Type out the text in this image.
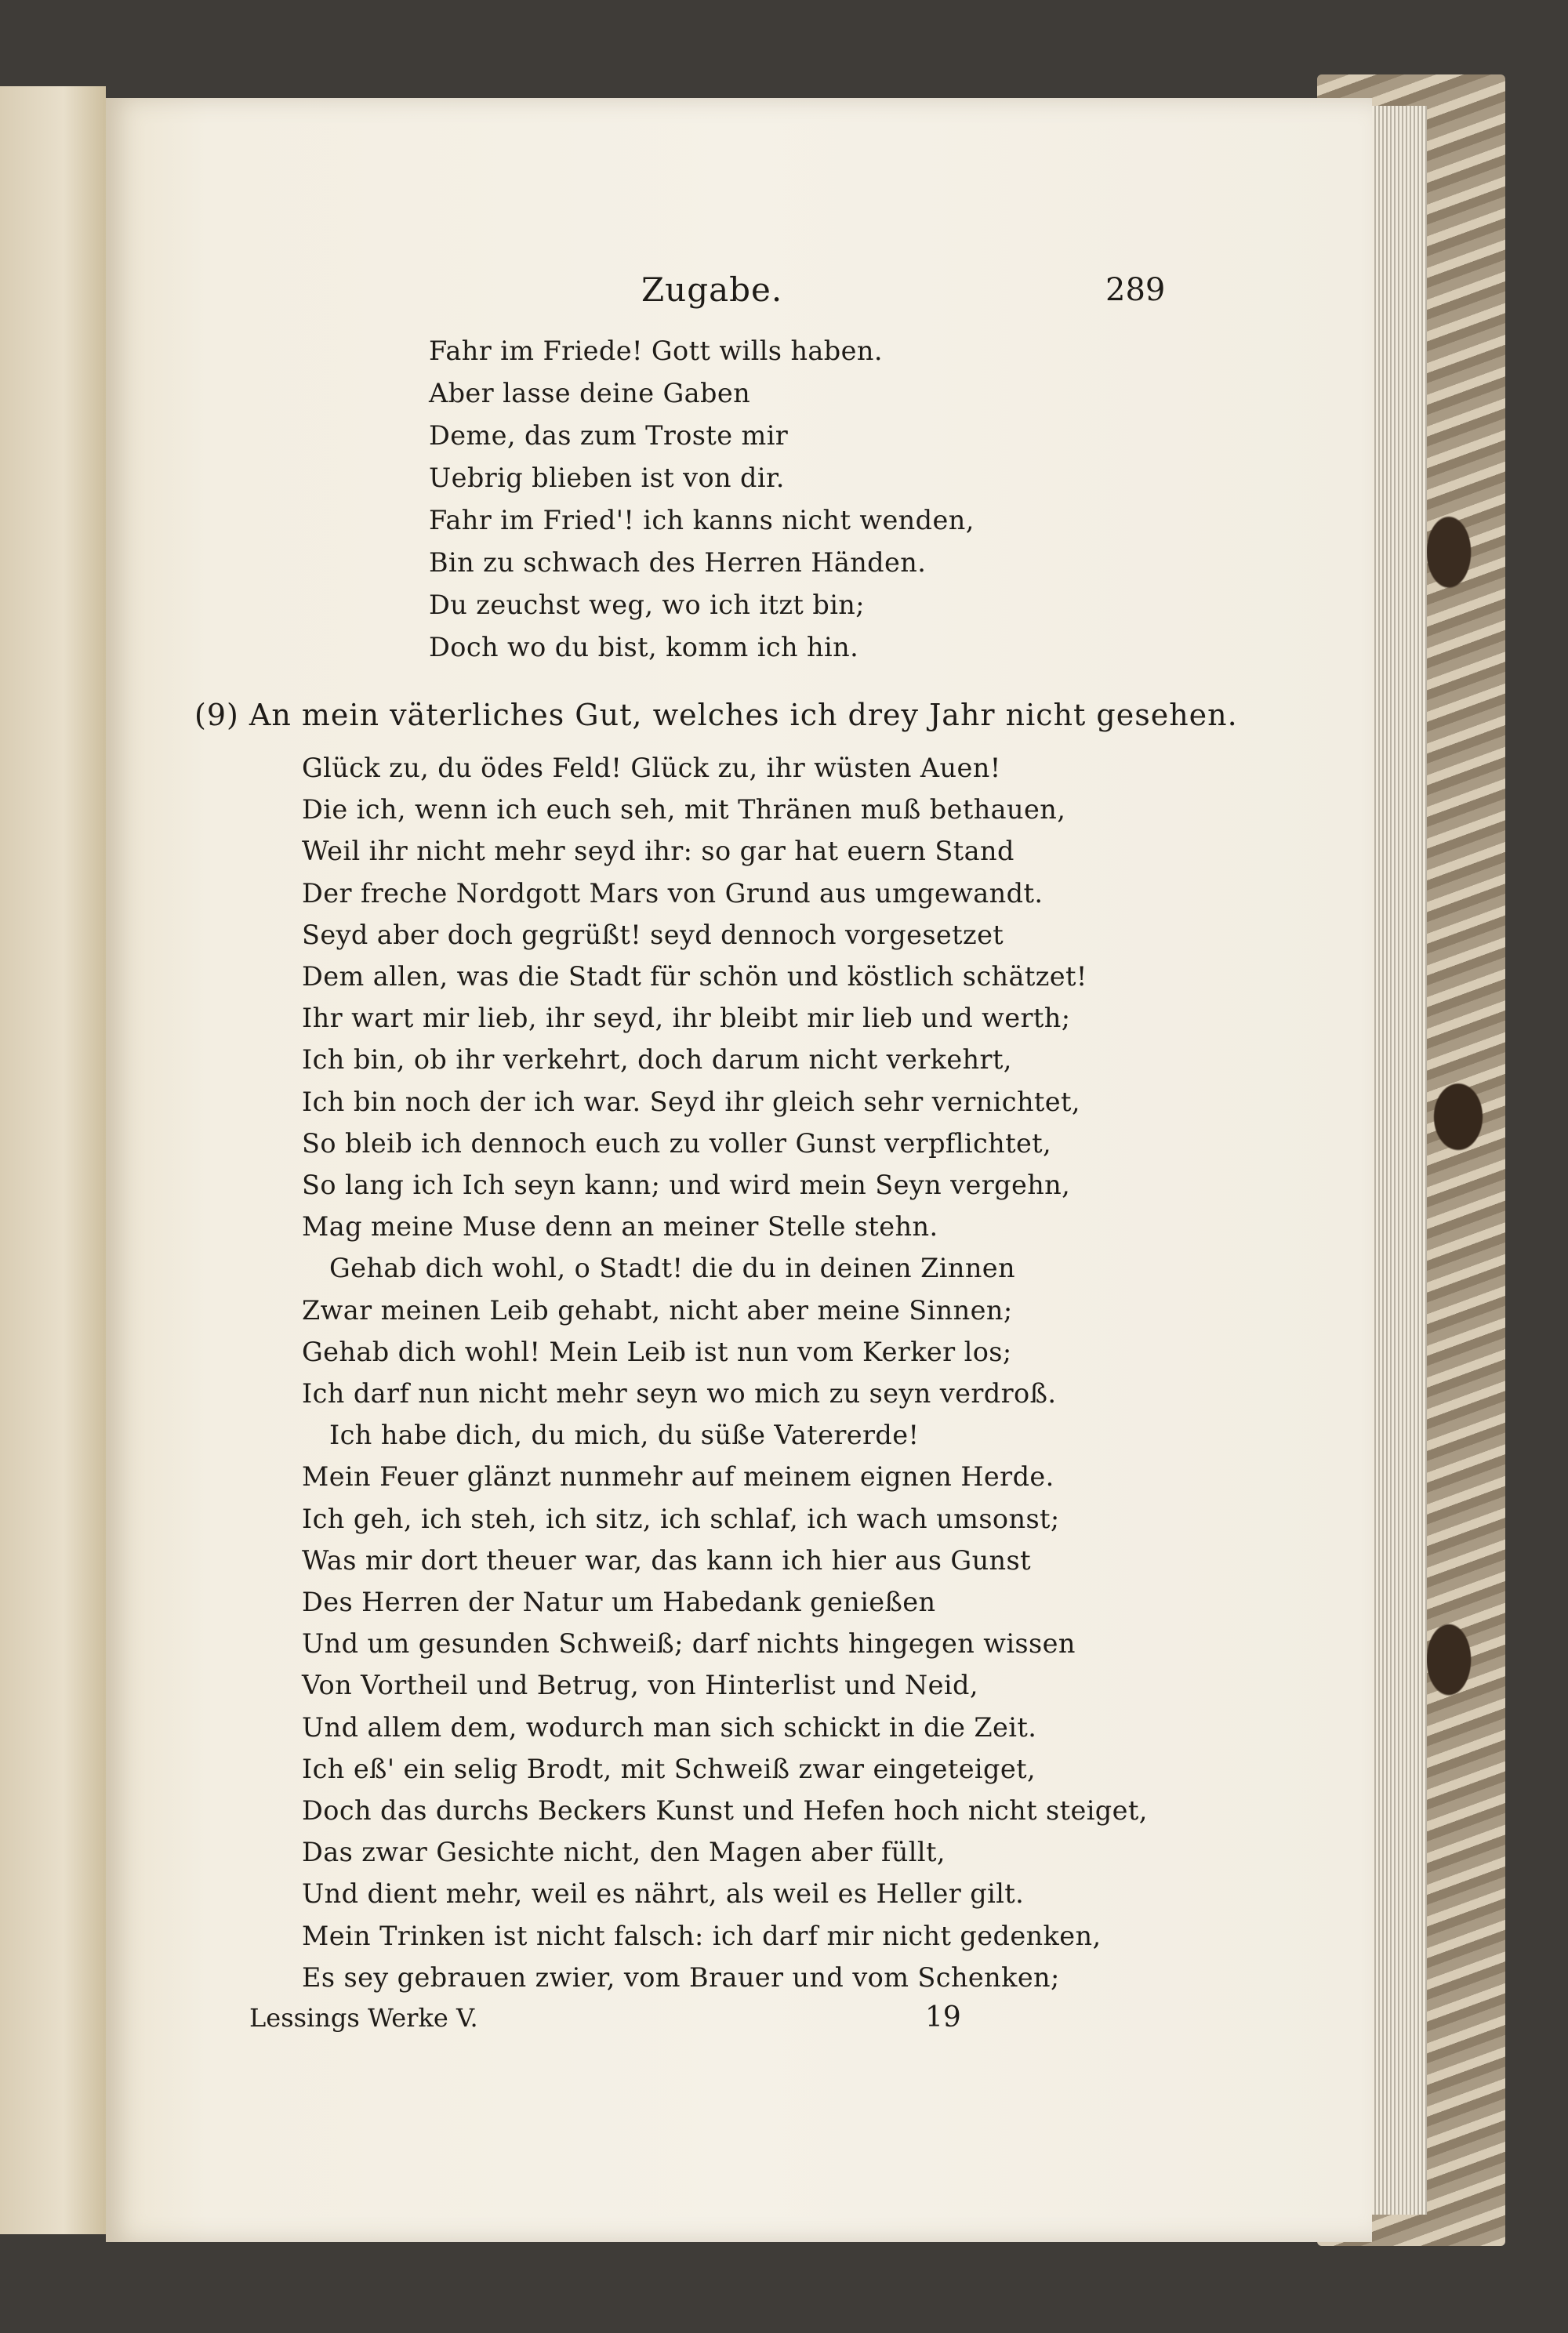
Zugabe.	289
Fahr im Friede! Gott wills haben.
Aber lasse deine Gaben
Deme, das zum Troste mir
Uebrig blieben ist von dir.
Fahr im Fried'! ich kanns nicht wenden,
Bin zu schwach des Herren Händen.
Du zeuchst weg, wo ich itzt bin;
Doch wo du bist, komm ich hin.
(9) An mein väterliches Gut, welches ich drey Jahr nicht gesehen.
Glück zu, du ödes Feld! Glück zu, ihr wüsten Auen!
Die ich, wenn ich euch seh, mit Thränen muß bethauen,
Weil ihr nicht mehr seyd ihr: so gar hat euern Stand
Der freche Nordgott Mars von Grund aus umgewandt.
Seyd aber doch gegrüßt! seyd dennoch vorgesetzet
Dem allen, was die Stadt für schön und köstlich schätzet!
Ihr wart mir lieb, ihr seyd, ihr bleibt mir lieb und werth;
Ich bin, ob ihr verkehrt, doch darum nicht verkehrt,
Ich bin noch der ich war. Seyd ihr gleich sehr vernichtet,
So bleib ich dennoch euch zu voller Gunst verpflichtet,
So lang ich Ich seyn kann; und wird mein Seyn vergehn,
Mag meine Muse denn an meiner Stelle stehn.
Gehab dich wohl, o Stadt! die du in deinen Zinnen
Zwar meinen Leib gehabt, nicht aber meine Sinnen;
Gehab dich wohl! Mein Leib ist nun vom Kerker los;
Ich darf nun nicht mehr seyn wo mich zu seyn verdroß.
Ich habe dich, du mich, du süße Vatererde!
Mein Feuer glänzt nunmehr auf meinem eignen Herde.
Ich geh, ich steh, ich sitz, ich schlaf, ich wach umsonst;
Was mir dort theuer war, das kann ich hier aus Gunst
Des Herren der Natur um Habedank genießen
Und um gesunden Schweiß; darf nichts hingegen wissen
Von Vortheil und Betrug, von Hinterlist und Neid,
Und allem dem, wodurch man sich schickt in die Zeit.
Ich eß' ein selig Brodt, mit Schweiß zwar eingeteiget,
Doch das durchs Beckers Kunst und Hefen hoch nicht steiget,
Das zwar Gesichte nicht, den Magen aber füllt,
Und dient mehr, weil es nährt, als weil es Heller gilt.
Mein Trinken ist nicht falsch: ich darf mir nicht gedenken,
Es sey gebrauen zwier, vom Brauer und vom Schenken;
Lessings Werke V.	19
